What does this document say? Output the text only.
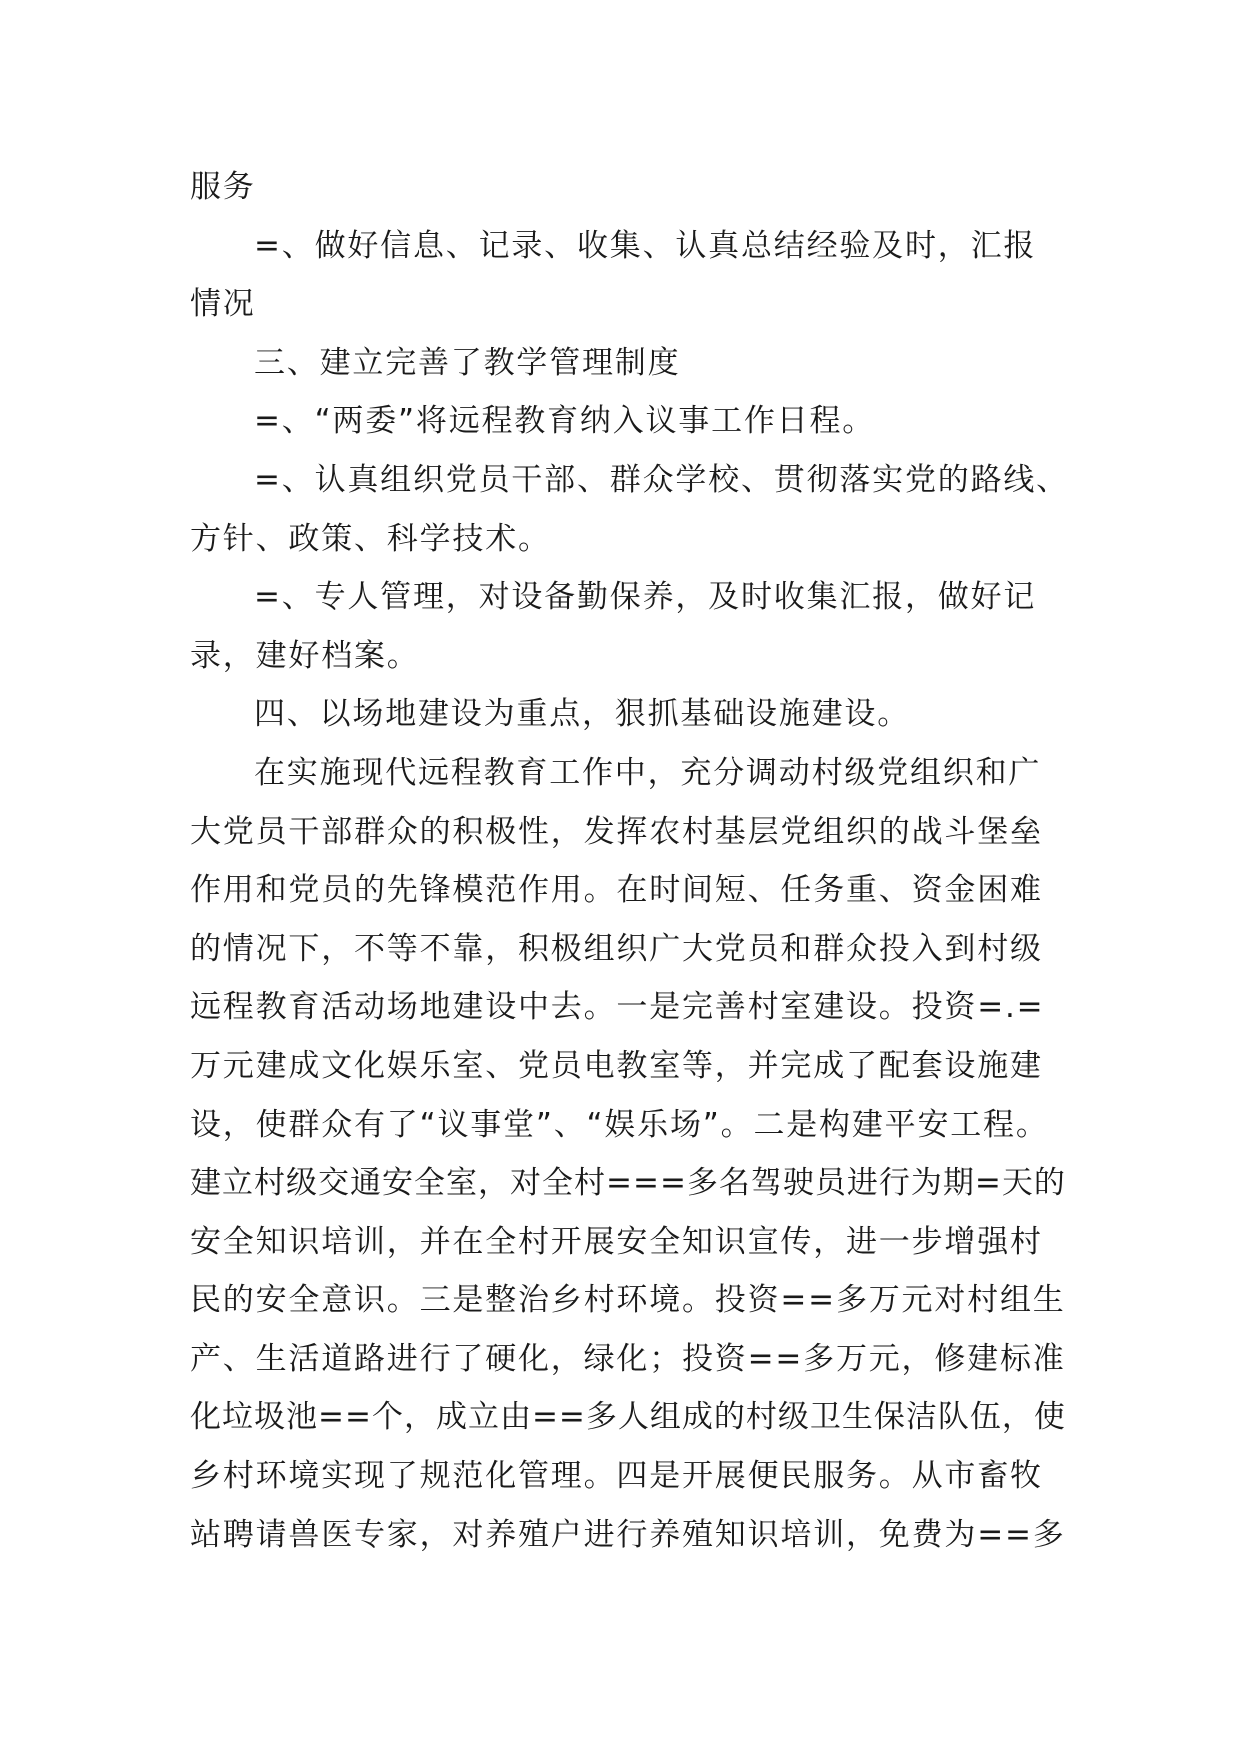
服务
=、做好信息、记录、收集、认真总结经验及时，汇报
情况
三、建立完善了教学管理制度
=、“两委”将远程教育纳入议事工作日程。
=、认真组织党员干部、群众学校、贯彻落实党的路线、
方针、政策、科学技术。
=、专人管理，对设备勤保养，及时收集汇报，做好记
录，建好档案。
四、以场地建设为重点，狠抓基础设施建设。
在实施现代远程教育工作中，充分调动村级党组织和广
大党员干部群众的积极性，发挥农村基层党组织的战斗堡垒
作用和党员的先锋模范作用。在时间短、任务重、资金困难
的情况下，不等不靠，积极组织广大党员和群众投入到村级
远程教育活动场地建设中去。一是完善村室建设。投资=.=
万元建成文化娱乐室、党员电教室等，并完成了配套设施建
设，使群众有了“议事堂”、“娱乐场”。二是构建平安工程。
建立村级交通安全室，对全村===多名驾驶员进行为期=天的
安全知识培训，并在全村开展安全知识宣传，进一步增强村
民的安全意识。三是整治乡村环境。投资==多万元对村组生
产、生活道路进行了硬化，绿化；投资==多万元，修建标准
化垃圾池==个，成立由==多人组成的村级卫生保洁队伍，使
乡村环境实现了规范化管理。四是开展便民服务。从市畜牧
站聘请兽医专家，对养殖户进行养殖知识培训，免费为==多
